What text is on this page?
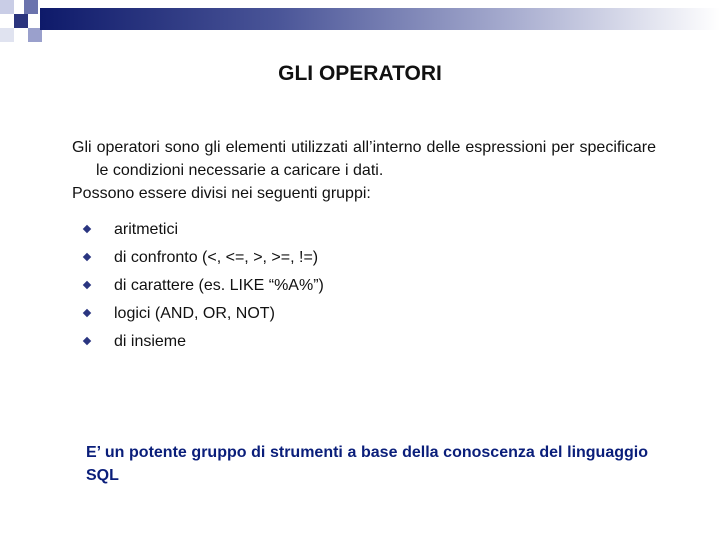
GLI OPERATORI
Gli operatori sono gli elementi utilizzati all’interno delle espressioni per specificare le condizioni necessarie a caricare i dati.
Possono essere divisi nei seguenti gruppi:
aritmetici
di confronto (<, <=, >, >=, !=)
di carattere (es. LIKE “%A%”)
logici (AND, OR, NOT)
di insieme
E’ un potente gruppo di strumenti a base della conoscenza del linguaggio SQL
